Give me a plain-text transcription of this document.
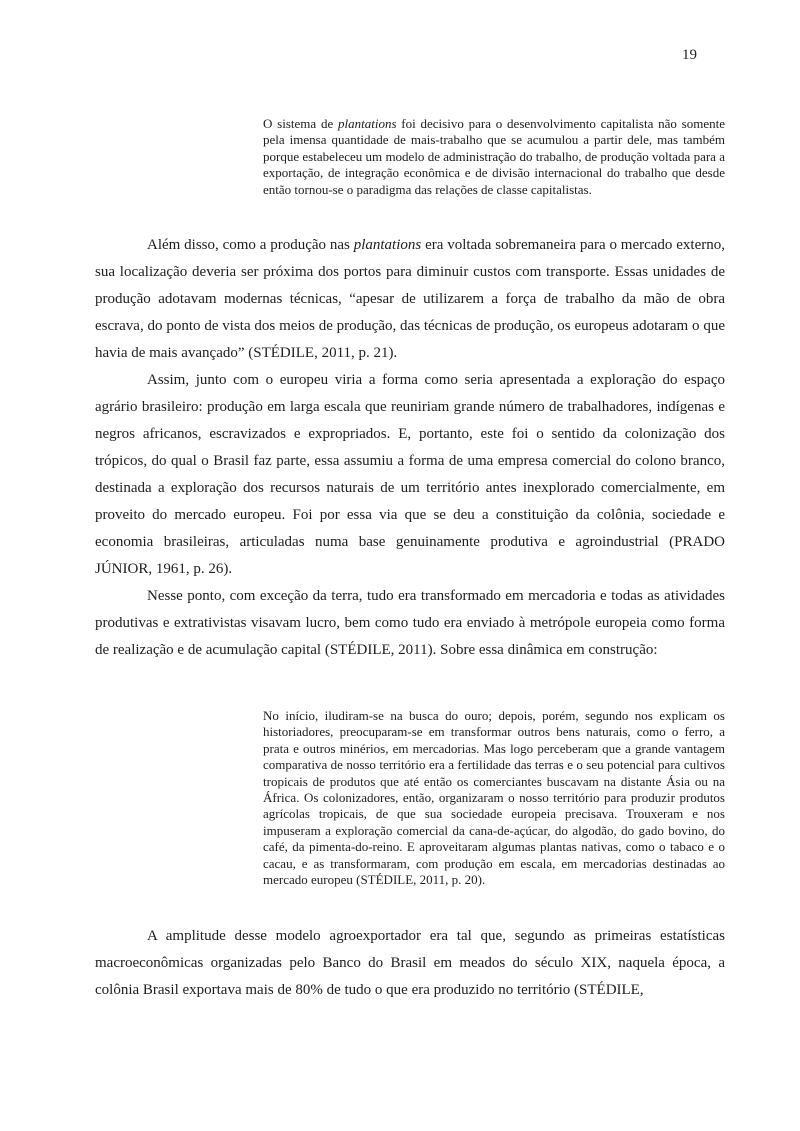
19
O sistema de plantations foi decisivo para o desenvolvimento capitalista não somente pela imensa quantidade de mais-trabalho que se acumulou a partir dele, mas também porque estabeleceu um modelo de administração do trabalho, de produção voltada para a exportação, de integração econômica e de divisão internacional do trabalho que desde então tornou-se o paradigma das relações de classe capitalistas.

Além disso, como a produção nas plantations era voltada sobremaneira para o mercado externo, sua localização deveria ser próxima dos portos para diminuir custos com transporte. Essas unidades de produção adotavam modernas técnicas, “apesar de utilizarem a força de trabalho da mão de obra escrava, do ponto de vista dos meios de produção, das técnicas de produção, os europeus adotaram o que havia de mais avançado” (STÉDILE, 2011, p. 21).

Assim, junto com o europeu viria a forma como seria apresentada a exploração do espaço agrário brasileiro: produção em larga escala que reuniriam grande número de trabalhadores, indígenas e negros africanos, escravizados e expropriados. E, portanto, este foi o sentido da colonização dos trópicos, do qual o Brasil faz parte, essa assumiu a forma de uma empresa comercial do colono branco, destinada a exploração dos recursos naturais de um território antes inexplorado comercialmente, em proveito do mercado europeu. Foi por essa via que se deu a constituição da colônia, sociedade e economia brasileiras, articuladas numa base genuinamente produtiva e agroindustrial (PRADO JÚNIOR, 1961, p. 26).

Nesse ponto, com exceção da terra, tudo era transformado em mercadoria e todas as atividades produtivas e extrativistas visavam lucro, bem como tudo era enviado à metrópole europeia como forma de realização e de acumulação capital (STÉDILE, 2011). Sobre essa dinâmica em construção:

No início, iludiram-se na busca do ouro; depois, porém, segundo nos explicam os historiadores, preocuparam-se em transformar outros bens naturais, como o ferro, a prata e outros minérios, em mercadorias. Mas logo perceberam que a grande vantagem comparativa de nosso território era a fertilidade das terras e o seu potencial para cultivos tropicais de produtos que até então os comerciantes buscavam na distante Ásia ou na África. Os colonizadores, então, organizaram o nosso território para produzir produtos agrícolas tropicais, de que sua sociedade europeia precisava. Trouxeram e nos impuseram a exploração comercial da cana-de-açúcar, do algodão, do gado bovino, do café, da pimenta-do-reino. E aproveitaram algumas plantas nativas, como o tabaco e o cacau, e as transformaram, com produção em escala, em mercadorias destinadas ao mercado europeu (STÉDILE, 2011, p. 20).

A amplitude desse modelo agroexportador era tal que, segundo as primeiras estatísticas macroeconômicas organizadas pelo Banco do Brasil em meados do século XIX, naquela época, a colônia Brasil exportava mais de 80% de tudo o que era produzido no território (STÉDILE,
